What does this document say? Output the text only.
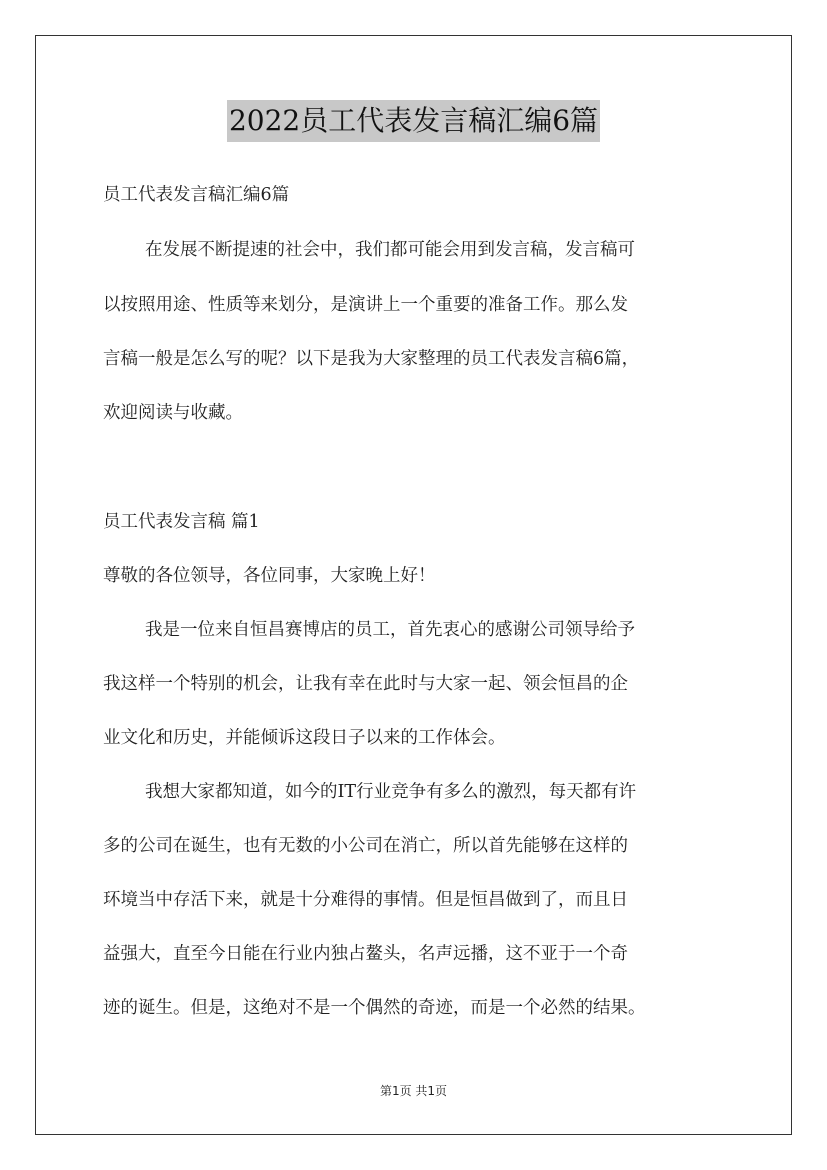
2022员工代表发言稿汇编6篇
员工代表发言稿汇编6篇
在发展不断提速的社会中，我们都可能会用到发言稿，发言稿可
以按照用途、性质等来划分，是演讲上一个重要的准备工作。那么发
言稿一般是怎么写的呢？以下是我为大家整理的员工代表发言稿6篇，
欢迎阅读与收藏。
员工代表发言稿 篇1
尊敬的各位领导，各位同事，大家晚上好！
我是一位来自恒昌赛博店的员工，首先衷心的感谢公司领导给予
我这样一个特别的机会，让我有幸在此时与大家一起、领会恒昌的企
业文化和历史，并能倾诉这段日子以来的工作体会。
我想大家都知道，如今的IT行业竞争有多么的激烈，每天都有许
多的公司在诞生，也有无数的小公司在消亡，所以首先能够在这样的
环境当中存活下来，就是十分难得的事情。但是恒昌做到了，而且日
益强大，直至今日能在行业内独占鳌头，名声远播，这不亚于一个奇
迹的诞生。但是，这绝对不是一个偶然的奇迹，而是一个必然的结果。
第1页 共1页
